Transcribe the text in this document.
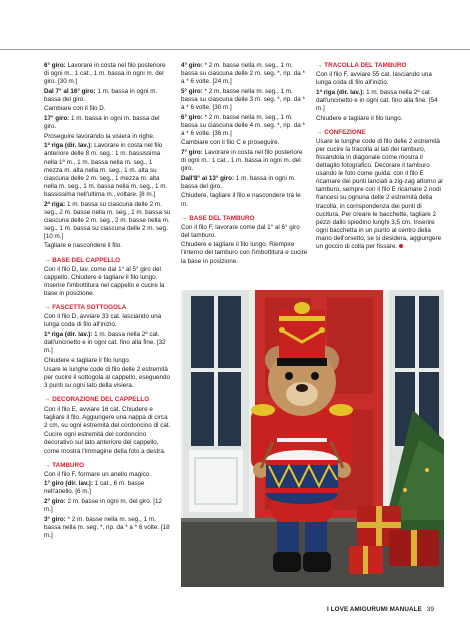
6° giro: Lavorare in costa nel filo posteriore di ogni m.: 1 cat., 1 m. bassa in ogni m. del giro. [30 m.]

Dal 7° al 16° giro: 1 m. bassa in ogni m. bassa del giro.

Cambiare con il filo D.

17° giro: 1 m. bassa in ogni m. bassa del giro.

Proseguire lavorando la visiera in righe.

1ª riga (dir. lav.): Lavorare in costa nel filo anteriore delle 8 m. seg.: 1 m. bassissima nella 1ª m., 1 m. bassa nella m. seg., 1 mezza m. alta nella m. seg., 1 m. alta su ciascuna delle 2 m. seg., 1 mezza m. alta nella m. seg., 1 m. bassa nella m. seg., 1 m. bassissima nell'ultima m., voltare. [8 m.]

2ª riga: 1 m. bassa su ciascuna delle 2 m. seg., 2 m. basse nella m. seg., 1 m. bassa su ciascuna delle 2 m. seg., 2 m. basse nella m. seg., 1 m. bassa su ciascuna delle 2 m. seg. [10 m.]

Tagliare e nascondere il filo.

→ BASE DEL CAPPELLO

Con il filo D, lav. come dal 1° al 5° giro del cappello. Chiudere e tagliare il filo lungo. Inserire l'imbottitura nel cappello e cucire la base in posizione.

→ FASCETTA SOTTOGOLA

Con il filo D, avviare 33 cat. lasciando una lunga coda di filo all'inizio.

1ª riga (dir. lav.): 1 m. bassa nella 2ª cat. dall'uncinetto e in ogni cat. fino alla fine. [32 m.]

Chiudere e tagliare il filo lungo.

Usare le lunghe code di filo delle 2 estremità per cucire il sottogola al cappello, eseguendo 3 punti su ogni lato della visiera.

→ DECORAZIONE DEL CAPPELLO

Con il filo E, avviare 16 cat. Chiudere e tagliare il filo. Aggiungere una nappa di circa 2 cm, su ogni estremità del cordoncino di cat.

Cucire ogni estremità del cordoncino decorativo sul lato anteriore del cappello, come mostra l'immagine della foto a destra.

→ TAMBURO

Con il filo F, formare un anello magico.

1° giro (dir. lav.): 1 cat., 6 m. basse nell'anello. [6 m.]

2° giro: 2 m. basse in ogni m. del giro. [12 m.]

3° giro: * 2 m. basse nella m. seg., 1 m. bassa nella m. seg. *, rip. da * a * 6 volte. [18 m.]

4° giro: * 2 m. basse nella m. seg., 1 m. bassa su ciascuna delle 2 m. seg. *, rip. da * a * 6 volte. [24 m.]

5° giro: * 2 m. basse nella m. seg., 1 m. bassa su ciascuna delle 3 m. seg. *, rip. da * a * 6 volte. [30 m.]

6° giro: * 2 m. basse nella m. seg., 1 m. bassa su ciascuna delle 4 m. seg. *, rip. da * a * 6 volte. [36 m.]

Cambiare con il filo C e proseguire.

7° giro: Lavorare in costa nel filo posteriore di ogni m.: 1 cat., 1 m. bassa in ogni m. del giro.

Dall'8° al 13° giro: 1 m. bassa in ogni m. bassa del giro.

Chiudere, tagliare il filo e nascondere tra le m.

→ BASE DEL TAMBURO

Con il filo F, lavorare come dal 1° al 6° giro del tamburo.

Chiudere e tagliare il filo lungo. Riempire l'interno del tamburo con l'imbottitura e cucire la base in posizione.

→ TRACOLLA DEL TAMBURO

Con il filo F, avviare 55 cat. lasciando una lunga coda di filo all'inizio.

1ª riga (dir. lav.): 1 m. bassa nella 2ª cat. dall'uncinetto e in ogni cat. fino alla fine. [54 m.]

Chiudere e tagliare il filo lungo.

→ CONFEZIONE

Usare le lunghe code di filo delle 2 estremità per cucire la tracolla ai lati del tamburo, fissandola in diagonale come mostra il dettaglio fotografico. Decorare il tamburo usando le foto come guida: con il filo E ricamare dei punti lanciati a zig-zag attorno al tamburo, sempre con il filo E ricamare 2 nodi francesi su ognuna delle 2 estremità della tracolla, in corrispondenza dei punti di cucitura. Per creare le bacchette, tagliare 2 pezzi dallo spiedino lunghi 3,5 cm. Inserire ogni bacchetta in un punto al centro della mano dell'orsetto, se si desidera, aggiungere un goccio di colla per fissare.

I LOVE AMIGURUMI MANUALE 39
